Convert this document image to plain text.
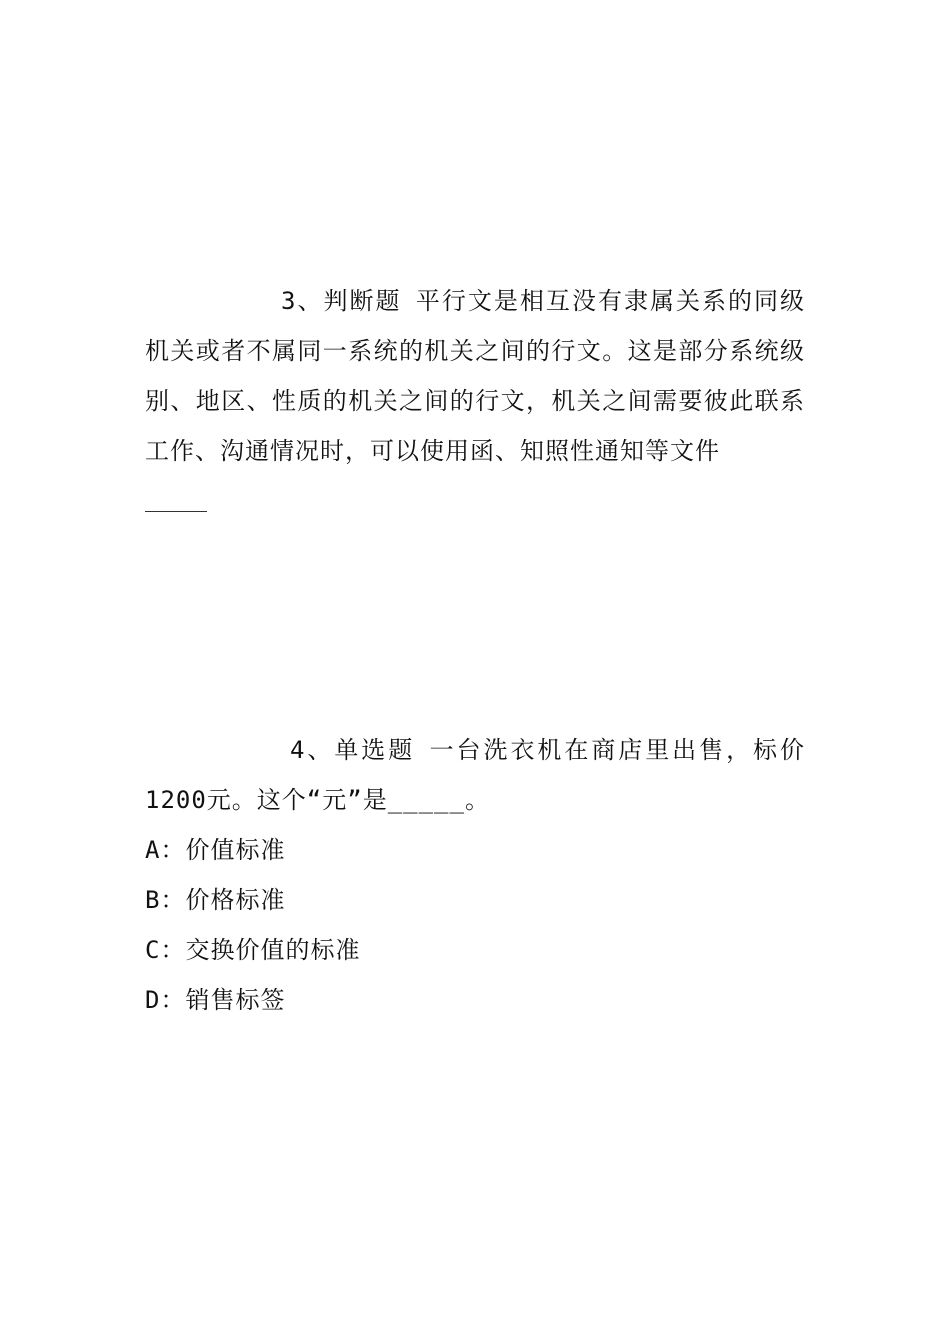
3、判断题 平行文是相互没有隶属关系的同级机关或者不属同一系统的机关之间的行文。这是部分系统级别、地区、性质的机关之间的行文，机关之间需要彼此联系工作、沟通情况时，可以使用函、知照性通知等文件

4、单选题 一台洗衣机在商店里出售，标价1200元。这个“元”是_____。

A：价值标准

B：价格标准

C：交换价值的标准

D：销售标签
